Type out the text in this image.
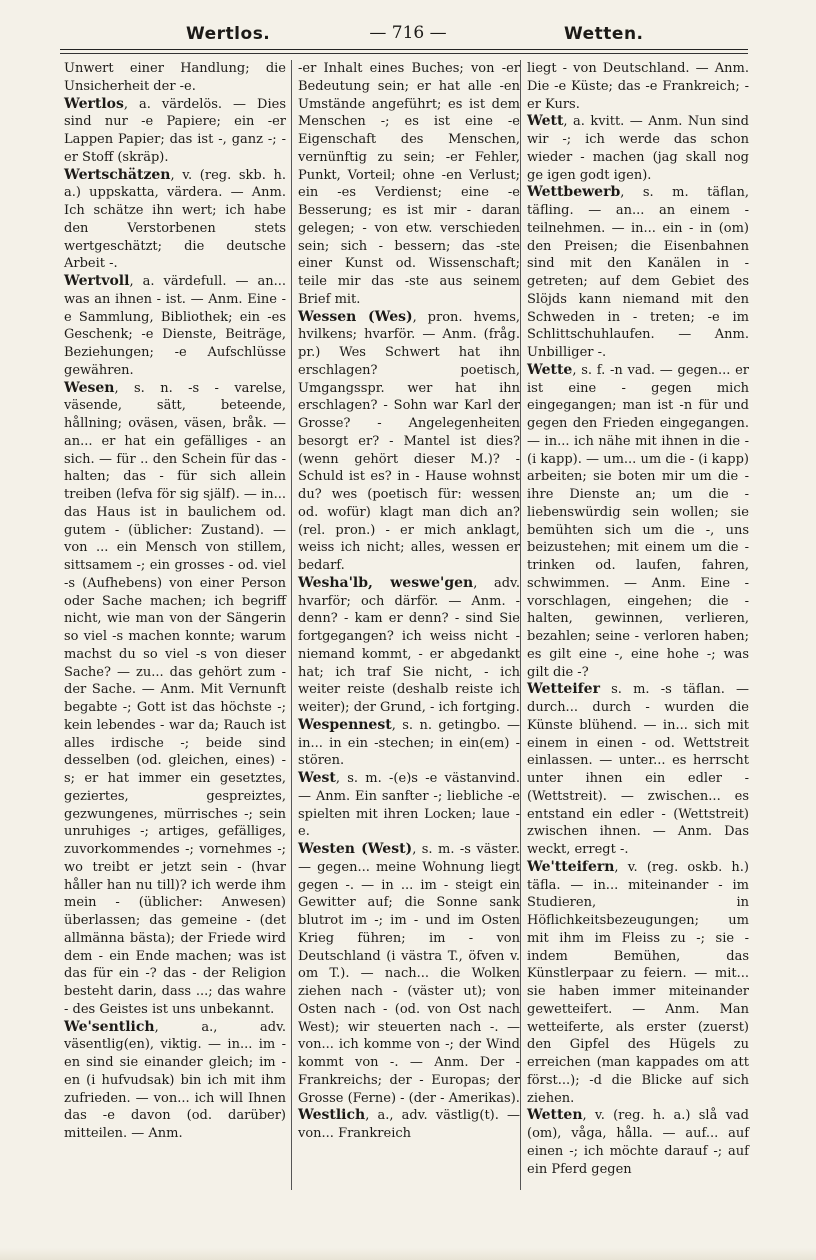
Wertlos.	— 716 —	Wetten.

Unwert einer Handlung; die Unsicherheit der -e.

Wertlos, a. värdelös. — Dies sind nur -e Papiere; ein -er Lappen Papier; das ist -, ganz -; -er Stoff (skräp).

Wertschätzen, v. (reg. skb. h. a.) uppskatta, värdera. — Anm. Ich schätze ihn wert; ich habe den Verstorbenen stets wertgeschätzt; die deutsche Arbeit -.

Wertvoll, a. värdefull. — an... was an ihnen - ist. — Anm. Eine -e Sammlung, Bibliothek; ein -es Geschenk; -e Dienste, Beiträge, Beziehungen; -e Aufschlüsse gewähren.

Wesen, s. n. -s - varelse, väsende, sätt, beteende, hållning; oväsen, väsen, bråk. — an... er hat ein gefälliges - an sich. — für .. den Schein für das - halten; das - für sich allein treiben (lefva för sig själf). — in... das Haus ist in baulichem od. gutem - (üblicher: Zustand). — von ... ein Mensch von stillem, sittsamem -; ein grosses - od. viel -s (Aufhebens) von einer Person oder Sache machen; ich begriff nicht, wie man von der Sängerin so viel -s machen konnte; warum machst du so viel -s von dieser Sache? — zu... das gehört zum - der Sache. — Anm. Mit Vernunft begabte -; Gott ist das höchste -; kein lebendes - war da; Rauch ist alles irdische -; beide sind desselben (od. gleichen, eines) -s; er hat immer ein gesetztes, geziertes, gespreiztes, gezwungenes, mürrisches -; sein unruhiges -; artiges, gefälliges, zuvorkommendes -; vornehmes -; wo treibt er jetzt sein - (hvar håller han nu till)? ich werde ihm mein - (üblicher: Anwesen) überlassen; das gemeine - (det allmänna bästa); der Friede wird dem - ein Ende machen; was ist das für ein -? das - der Religion besteht darin, dass ...; das wahre - des Geistes ist uns unbekannt.

We'sentlich, a., adv. väsentlig(en), viktig. — in... im -en sind sie einander gleich; im -en (i hufvudsak) bin ich mit ihm zufrieden. — von... ich will Ihnen das -e davon (od. darüber) mitteilen. — Anm.

-er Inhalt eines Buches; von -er Bedeutung sein; er hat alle -en Umstände angeführt; es ist dem Menschen -; es ist eine -e Eigenschaft des Menschen, vernünftig zu sein; -er Fehler, Punkt, Vorteil; ohne -en Verlust; ein -es Verdienst; eine -e Besserung; es ist mir - daran gelegen; - von etw. verschieden sein; sich - bessern; das -ste einer Kunst od. Wissenschaft; teile mir das -ste aus seinem Brief mit.

Wessen (Wes), pron. hvems, hvilkens; hvarför. — Anm. (fråg. pr.) Wes Schwert hat ihn erschlagen? poetisch, Umgangsspr. wer hat ihn erschlagen? - Sohn war Karl der Grosse? - Angelegenheiten besorgt er? - Mantel ist dies? (wenn gehört dieser M.)? - Schuld ist es? in - Hause wohnst du? wes (poetisch für: wessen od. wofür) klagt man dich an? (rel. pron.) - er mich anklagt, weiss ich nicht; alles, wessen er bedarf.

Wesha'lb, weswe'gen, adv. hvarför; och därför. — Anm. - denn? - kam er denn? - sind Sie fortgegangen? ich weiss nicht - niemand kommt, - er abgedankt hat; ich traf Sie nicht, - ich weiter reiste (deshalb reiste ich weiter); der Grund, - ich fortging.

Wespennest, s. n. getingbo. — in... in ein -stechen; in ein(em) - stören.

West, s. m. -(e)s -e västanvind. — Anm. Ein sanfter -; liebliche -e spielten mit ihren Locken; laue -e.

Westen (West), s. m. -s väster. — gegen... meine Wohnung liegt gegen -. — in ... im - steigt ein Gewitter auf; die Sonne sank blutrot im -; im - und im Osten Krieg führen; im - von Deutschland (i västra T., öfven v. om T.). — nach... die Wolken ziehen nach - (väster ut); von Osten nach - (od. von Ost nach West); wir steuerten nach -. — von... ich komme von -; der Wind kommt von -. — Anm. Der - Frankreichs; der - Europas; der Grosse (Ferne) - (der - Amerikas).

Westlich, a., adv. västlig(t). — von... Frankreich

liegt - von Deutschland. — Anm. Die -e Küste; das -e Frankreich; -er Kurs.

Wett, a. kvitt. — Anm. Nun sind wir -; ich werde das schon wieder - machen (jag skall nog ge igen godt igen).

Wettbewerb, s. m. täflan, täfling. — an... an einem - teilnehmen. — in... ein - in (om) den Preisen; die Eisenbahnen sind mit den Kanälen in - getreten; auf dem Gebiet des Slöjds kann niemand mit den Schweden in - treten; -e im Schlittschuhlaufen. — Anm. Unbilliger -.

Wette, s. f. -n vad. — gegen... er ist eine - gegen mich eingegangen; man ist -n für und gegen den Frieden eingegangen. — in... ich nähe mit ihnen in die - (i kapp). — um... um die - (i kapp) arbeiten; sie boten mir um die - ihre Dienste an; um die - liebenswürdig sein wollen; sie bemühten sich um die -, uns beizustehen; mit einem um die - trinken od. laufen, fahren, schwimmen. — Anm. Eine - vorschlagen, eingehen; die - halten, gewinnen, verlieren, bezahlen; seine - verloren haben; es gilt eine -, eine hohe -; was gilt die -?

Wetteifer s. m. -s täflan. — durch... durch - wurden die Künste blühend. — in... sich mit einem in einen - od. Wettstreit einlassen. — unter... es herrscht unter ihnen ein edler - (Wettstreit). — zwischen... es entstand ein edler - (Wettstreit) zwischen ihnen. — Anm. Das weckt, erregt -.

We'tteifern, v. (reg. oskb. h.) täfla. — in... miteinander - im Studieren, in Höflichkeitsbezeugungen; um mit ihm im Fleiss zu -; sie - indem Bemühen, das Künstlerpaar zu feiern. — mit... sie haben immer miteinander gewetteifert. — Anm. Man wetteiferte, als erster (zuerst) den Gipfel des Hügels zu erreichen (man kappades om att först...); -d die Blicke auf sich ziehen.

Wetten, v. (reg. h. a.) slå vad (om), våga, hålla. — auf... auf einen -; ich möchte darauf -; auf ein Pferd gegen
